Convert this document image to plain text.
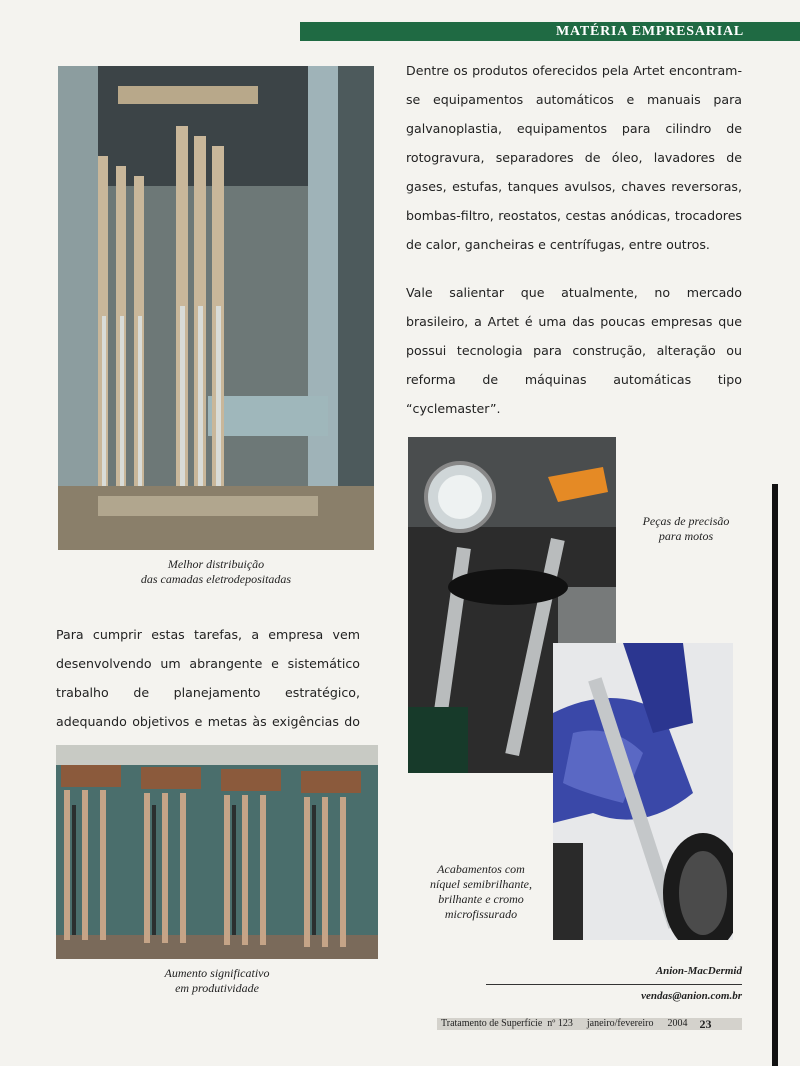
MATÉRIA EMPRESARIAL
Melhor distribuição
das camadas eletrodepositadas
Para cumprir estas tarefas, a empresa vem desenvolvendo um abrangente e sistemático trabalho de planejamento estratégico, adequando objetivos e metas às exigências do
Aumento significativo
em produtividade
Dentre os produtos oferecidos pela Artet encontram-se equipamentos automáticos e manuais para galvanoplastia, equipamentos para cilindro de rotogravura, separadores de óleo, lavadores de gases, estufas, tanques avulsos, chaves reversoras, bombas-filtro, reostatos, cestas anódicas, trocadores de calor, gancheiras e centrífugas, entre outros.
Vale salientar que atualmente, no mercado brasileiro, a Artet é uma das poucas empresas que possui tecnologia para construção, alteração ou reforma de máquinas automáticas tipo “cyclemaster”.
Peças de precisão
para motos
Acabamentos com
níquel semibrilhante,
brilhante e cromo
microfissurado
Anion-MacDermid
vendas@anion.com.br
Tratamento de Superfície nº 123 janeiro/fevereiro 2004 23
